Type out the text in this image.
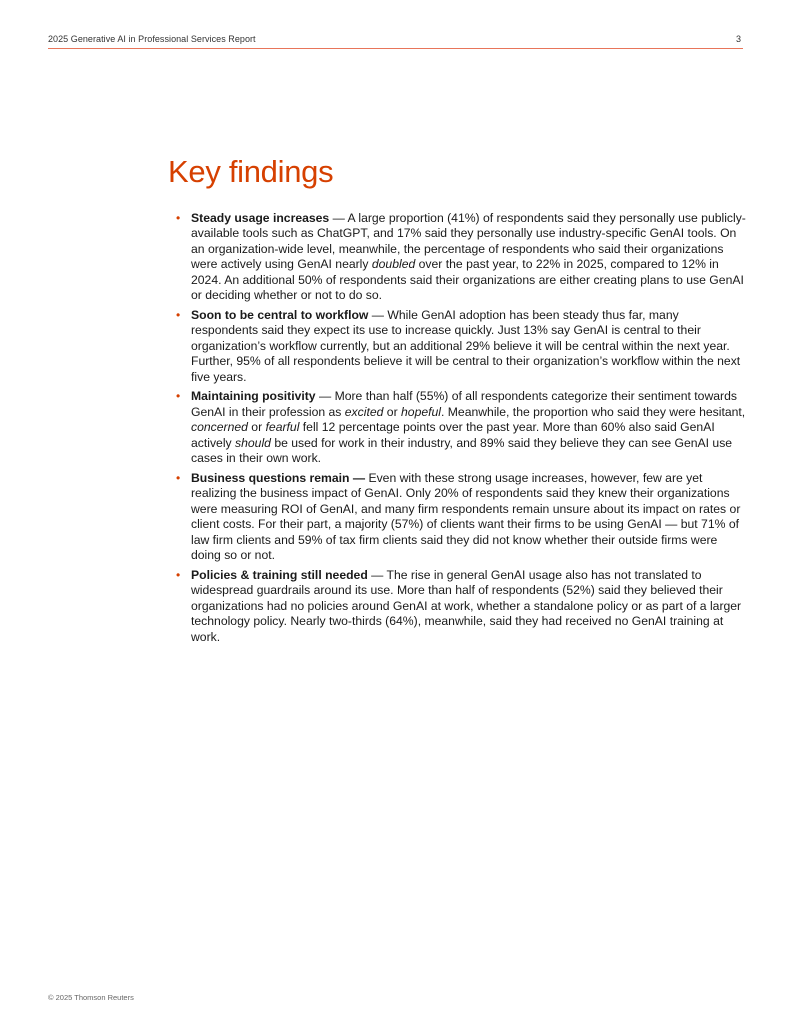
2025 Generative AI in Professional Services Report	3
Key findings
• Steady usage increases — A large proportion (41%) of respondents said they personally use publicly-available tools such as ChatGPT, and 17% said they personally use industry-specific GenAI tools. On an organization-wide level, meanwhile, the percentage of respondents who said their organizations were actively using GenAI nearly doubled over the past year, to 22% in 2025, compared to 12% in 2024. An additional 50% of respondents said their organizations are either creating plans to use GenAI or deciding whether or not to do so.
• Soon to be central to workflow — While GenAI adoption has been steady thus far, many respondents said they expect its use to increase quickly. Just 13% say GenAI is central to their organization’s workflow currently, but an additional 29% believe it will be central within the next year. Further, 95% of all respondents believe it will be central to their organization’s workflow within the next five years.
• Maintaining positivity — More than half (55%) of all respondents categorize their sentiment towards GenAI in their profession as excited or hopeful. Meanwhile, the proportion who said they were hesitant, concerned or fearful fell 12 percentage points over the past year. More than 60% also said GenAI actively should be used for work in their industry, and 89% said they believe they can see GenAI use cases in their own work.
• Business questions remain — Even with these strong usage increases, however, few are yet realizing the business impact of GenAI. Only 20% of respondents said they knew their organizations were measuring ROI of GenAI, and many firm respondents remain unsure about its impact on rates or client costs. For their part, a majority (57%) of clients want their firms to be using GenAI — but 71% of law firm clients and 59% of tax firm clients said they did not know whether their outside firms were doing so or not.
• Policies & training still needed — The rise in general GenAI usage also has not translated to widespread guardrails around its use. More than half of respondents (52%) said they believed their organizations had no policies around GenAI at work, whether a standalone policy or as part of a larger technology policy. Nearly two-thirds (64%), meanwhile, said they had received no GenAI training at work.
© 2025 Thomson Reuters
